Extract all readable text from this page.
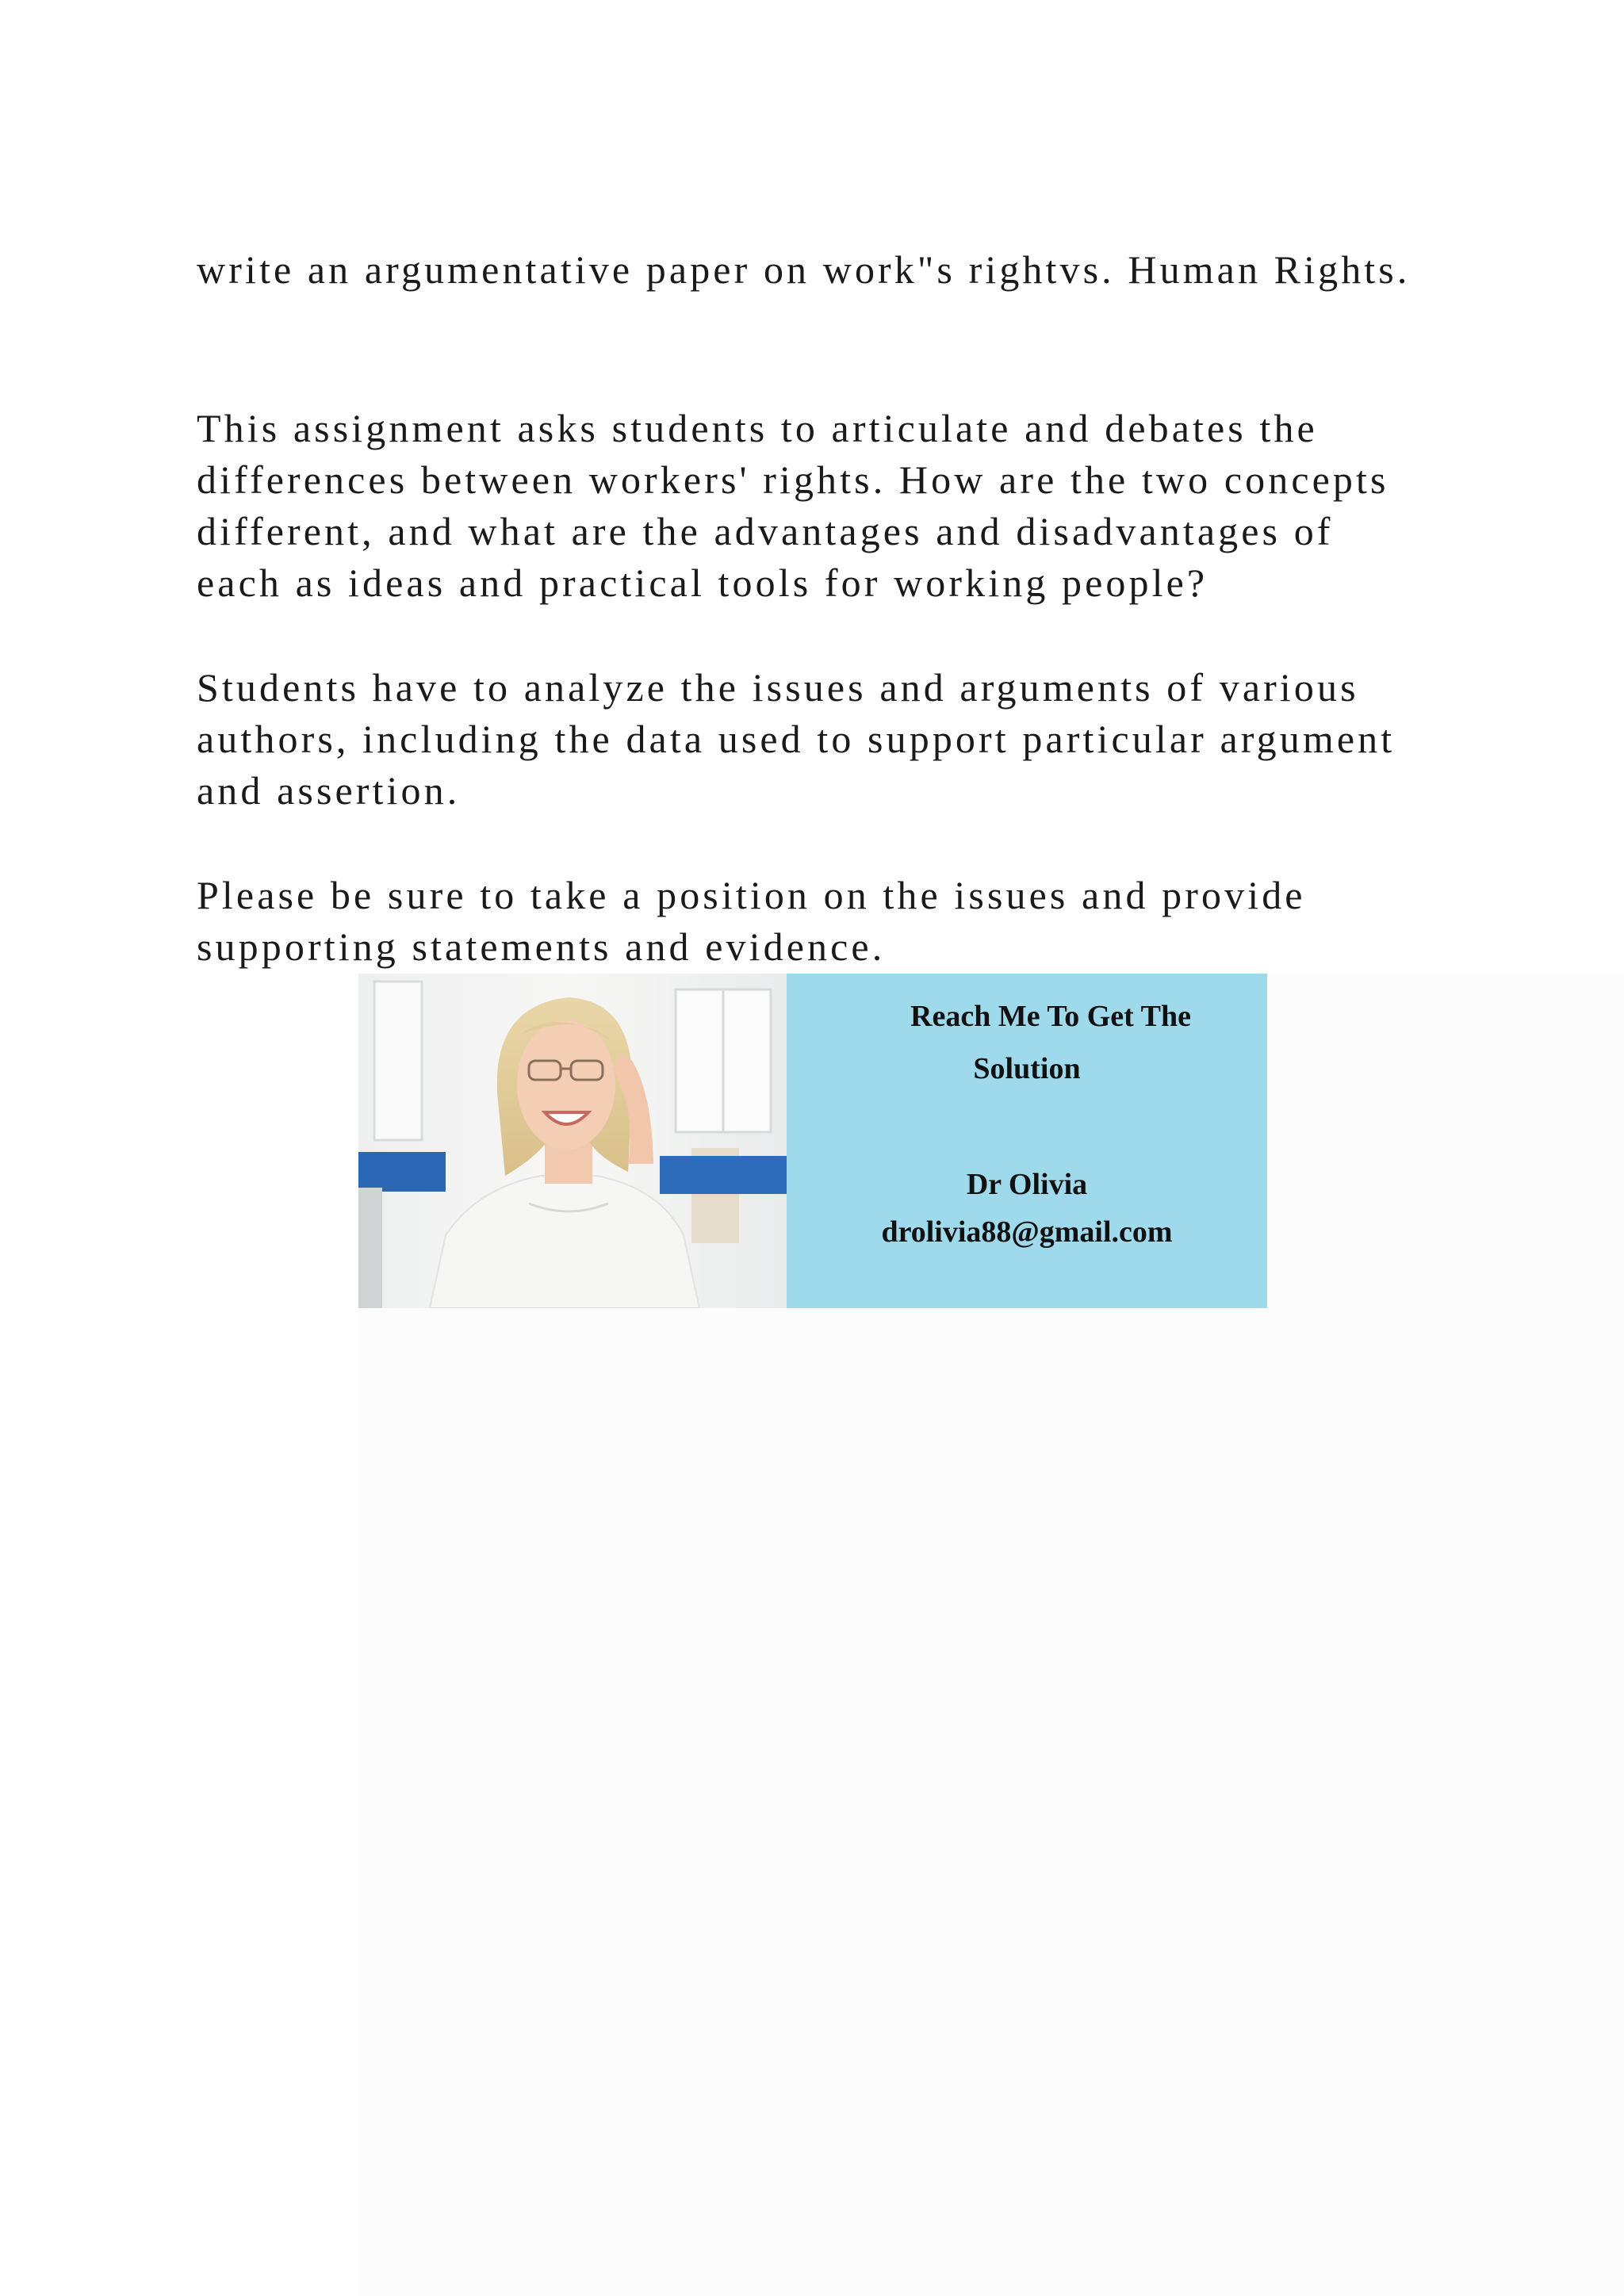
write an argumentative paper on work"s rightvs. Human Rights.
This assignment asks students to articulate and debates the
differences between workers' rights. How are the two concepts
different, and what are the advantages and disadvantages of
each as ideas and practical tools for working people?
Students have to analyze the issues and arguments of various
authors, including the data used to support particular argument
and assertion.
Please be sure to take a position on the issues and provide
supporting statements and evidence.
Reach Me To Get The
Solution
Dr Olivia
drolivia88@gmail.com
